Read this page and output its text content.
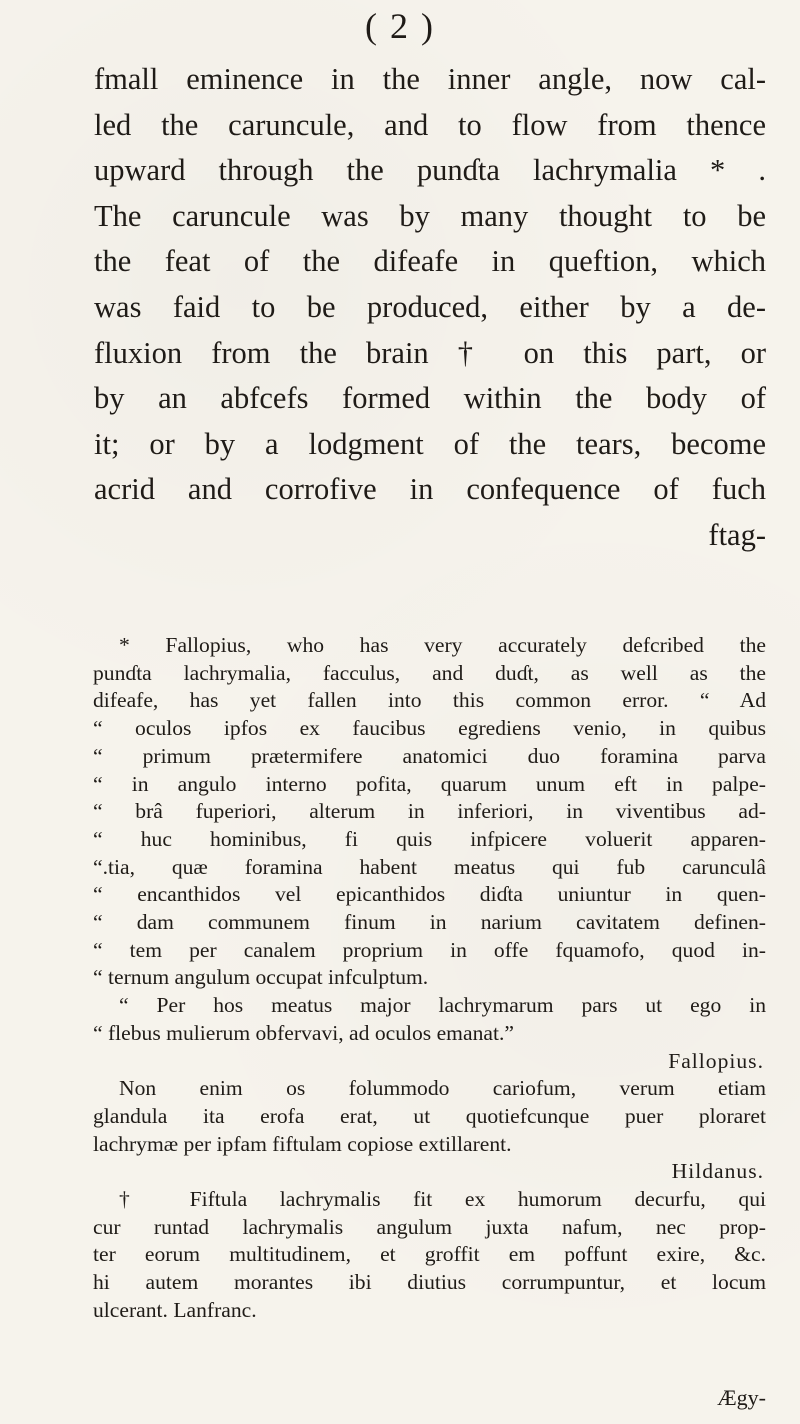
( 2 )
fmall eminence in the inner angle, now cal-
led the caruncule, and to flow from thence
upward through the punɗta lachrymalia * .
The caruncule was by many thought to be
the feat of the difeafe in queftion, which
was faid to be produced, either by a de-
fluxion from the brain † on this part, or
by an abfcefs formed within the body of
it; or by a lodgment of the tears, become
acrid and corrofive in confequence of fuch
ftag-
* Fallopius, who has very accurately defcribed the
punɗta lachrymalia, facculus, and duɗt, as well as the
difeafe, has yet fallen into this common error. “ Ad
“ oculos ipfos ex faucibus egrediens venio, in quibus
“ primum prætermifere anatomici duo foramina parva
“ in angulo interno pofita, quarum unum eft in palpe-
“ brâ fuperiori, alterum in inferiori, in viventibus ad-
“ huc hominibus, fi quis infpicere voluerit apparen-
“.tia, quæ foramina habent meatus qui fub carunculâ
“ encanthidos vel epicanthidos diɗta uniuntur in quen-
“ dam communem finum in narium cavitatem definen-
“ tem per canalem proprium in offe fquamofo, quod in-
“ ternum angulum occupat infculptum.
“ Per hos meatus major lachrymarum pars ut ego in
“ flebus mulierum obfervavi, ad oculos emanat.”
Fallopius.
Non enim os folummodo cariofum, verum etiam
glandula ita erofa erat, ut quotiefcunque puer ploraret
lachrymæ per ipfam fiftulam copiose extillarent.
Hildanus.
† Fiftula lachrymalis fit ex humorum decurfu, qui
cur runtad lachrymalis angulum juxta nafum, nec prop-
ter eorum multitudinem, et groffit em poffunt exire, &c.
hi autem morantes ibi diutius corrumpuntur, et locum
ulcerant. Lanfranc.
Ægy-
